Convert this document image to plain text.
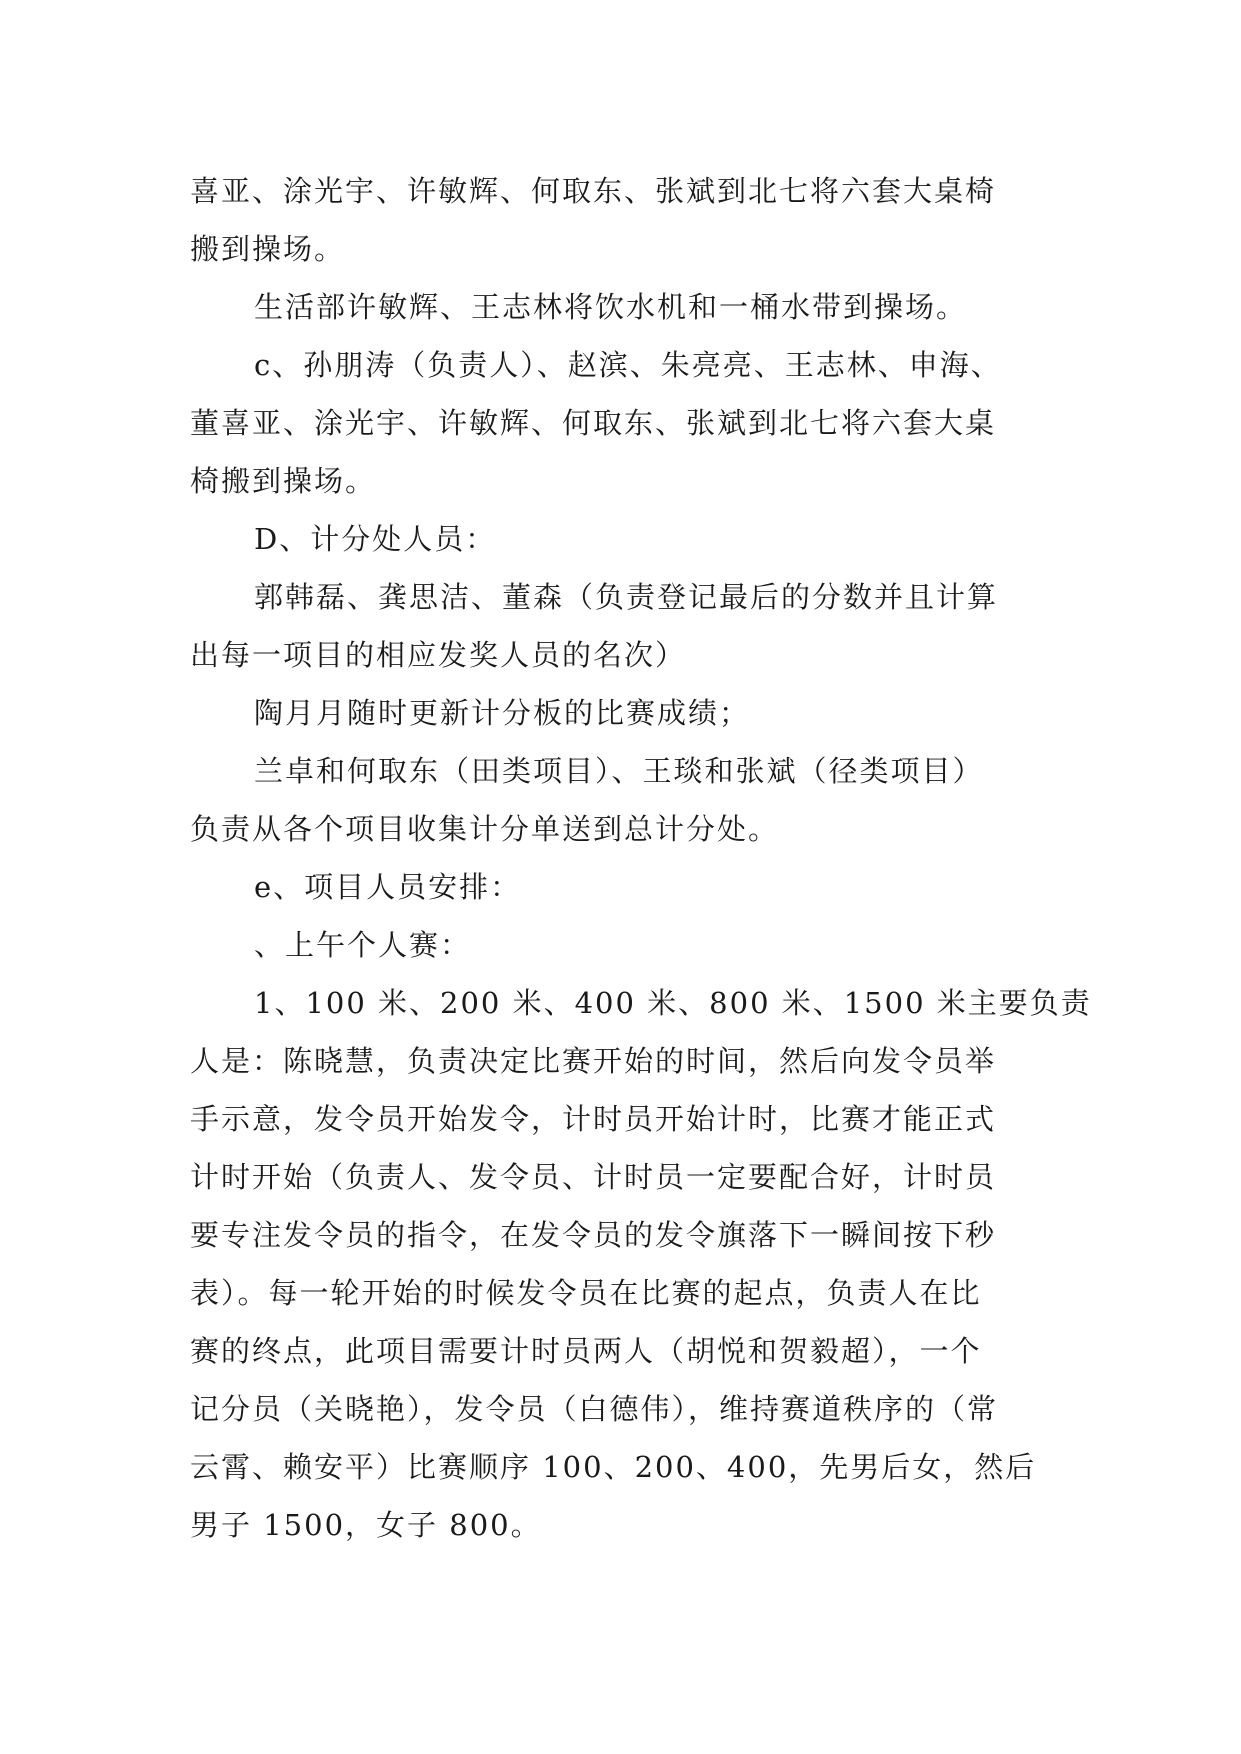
喜亚、涂光宇、许敏辉、何取东、张斌到北七将六套大桌椅

搬到操场。

生活部许敏辉、王志林将饮水机和一桶水带到操场。

c、孙朋涛（负责人）、赵滨、朱亮亮、王志林、申海、

董喜亚、涂光宇、许敏辉、何取东、张斌到北七将六套大桌

椅搬到操场。

D、计分处人员：

郭韩磊、龚思洁、董森（负责登记最后的分数并且计算

出每一项目的相应发奖人员的名次）

陶月月随时更新计分板的比赛成绩；

兰卓和何取东（田类项目）、王琰和张斌（径类项目）

负责从各个项目收集计分单送到总计分处。

e、项目人员安排：

、上午个人赛：

1、100 米、200 米、400 米、800 米、1500 米主要负责

人是：陈晓慧，负责决定比赛开始的时间，然后向发令员举

手示意，发令员开始发令，计时员开始计时，比赛才能正式

计时开始（负责人、发令员、计时员一定要配合好，计时员

要专注发令员的指令，在发令员的发令旗落下一瞬间按下秒

表）。每一轮开始的时候发令员在比赛的起点，负责人在比

赛的终点，此项目需要计时员两人（胡悦和贺毅超），一个

记分员（关晓艳），发令员（白德伟），维持赛道秩序的（常

云霄、赖安平）比赛顺序 100、200、400，先男后女，然后

男子 1500，女子 800。
